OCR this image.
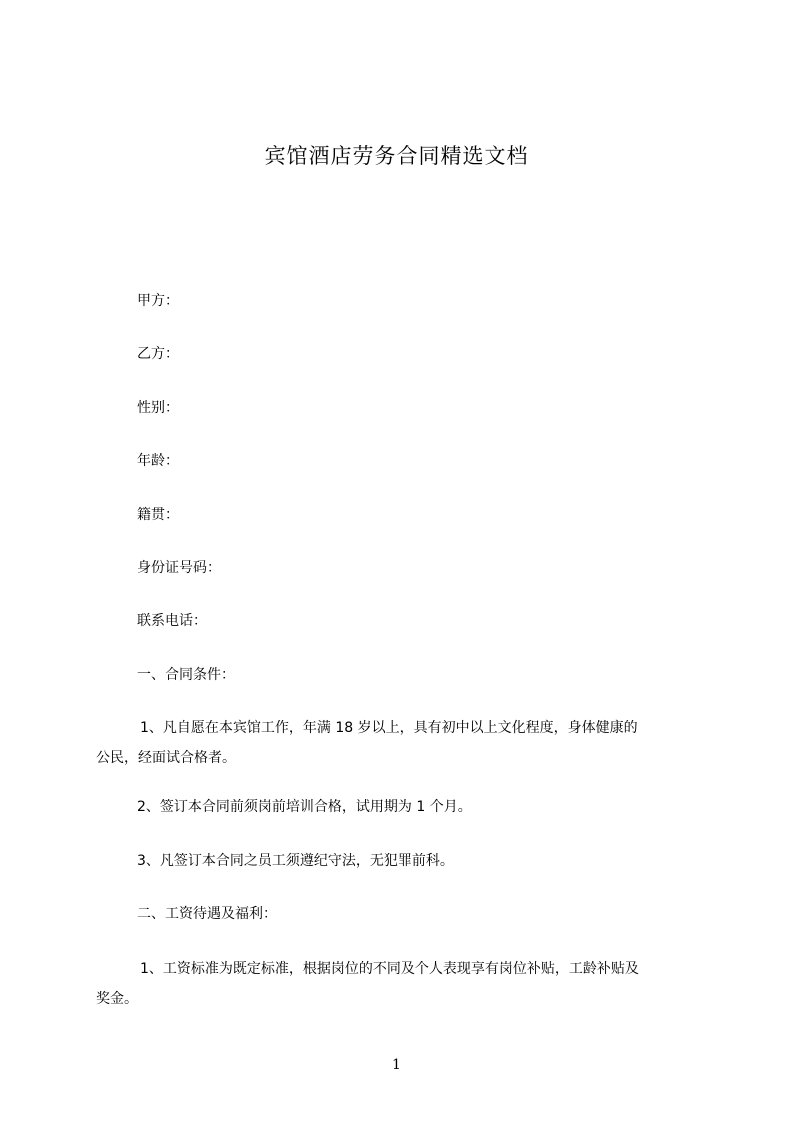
宾馆酒店劳务合同精选文档
甲方：
乙方：
性别：
年龄：
籍贯：
身份证号码：
联系电话：
一、合同条件：
1、凡自愿在本宾馆工作，年满 18 岁以上，具有初中以上文化程度，身体健康的
公民，经面试合格者。
2、签订本合同前须岗前培训合格，试用期为 1 个月。
3、凡签订本合同之员工须遵纪守法，无犯罪前科。
二、工资待遇及福利：
1、工资标准为既定标准，根据岗位的不同及个人表现享有岗位补贴，工龄补贴及
奖金。
1
